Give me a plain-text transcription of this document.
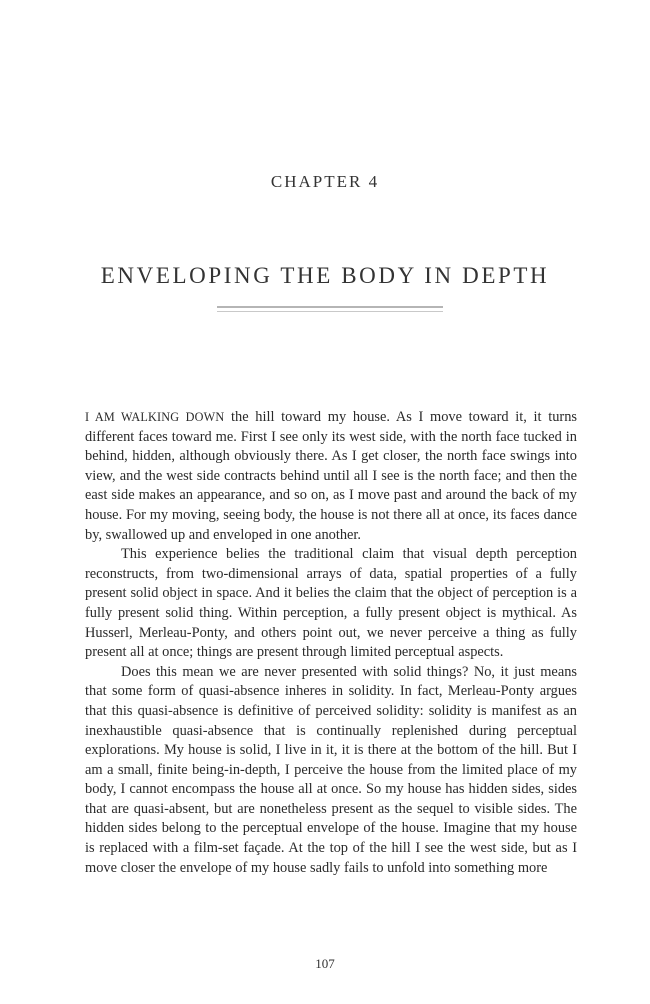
CHAPTER 4
ENVELOPING THE BODY IN DEPTH

I AM WALKING DOWN the hill toward my house. As I move toward it, it turns different faces toward me. First I see only its west side, with the north face tucked in behind, hidden, although obviously there. As I get closer, the north face swings into view, and the west side contracts behind until all I see is the north face; and then the east side makes an appearance, and so on, as I move past and around the back of my house. For my moving, seeing body, the house is not there all at once, its faces dance by, swallowed up and enveloped in one another.

This experience belies the traditional claim that visual depth perception reconstructs, from two-dimensional arrays of data, spatial properties of a fully present solid object in space. And it belies the claim that the object of perception is a fully present solid thing. Within perception, a fully present object is mythical. As Husserl, Merleau-Ponty, and others point out, we never perceive a thing as fully present all at once; things are present through limited perceptual aspects.

Does this mean we are never presented with solid things? No, it just means that some form of quasi-absence inheres in solidity. In fact, Merleau-Ponty argues that this quasi-absence is definitive of perceived solidity: solidity is manifest as an inexhaustible quasi-absence that is continually replenished during perceptual explorations. My house is solid, I live in it, it is there at the bottom of the hill. But I am a small, finite being-in-depth, I perceive the house from the limited place of my body, I cannot encompass the house all at once. So my house has hidden sides, sides that are quasi-absent, but are nonetheless present as the sequel to visible sides. The hidden sides belong to the perceptual envelope of the house. Imagine that my house is replaced with a film-set façade. At the top of the hill I see the west side, but as I move closer the envelope of my house sadly fails to unfold into something more

107
